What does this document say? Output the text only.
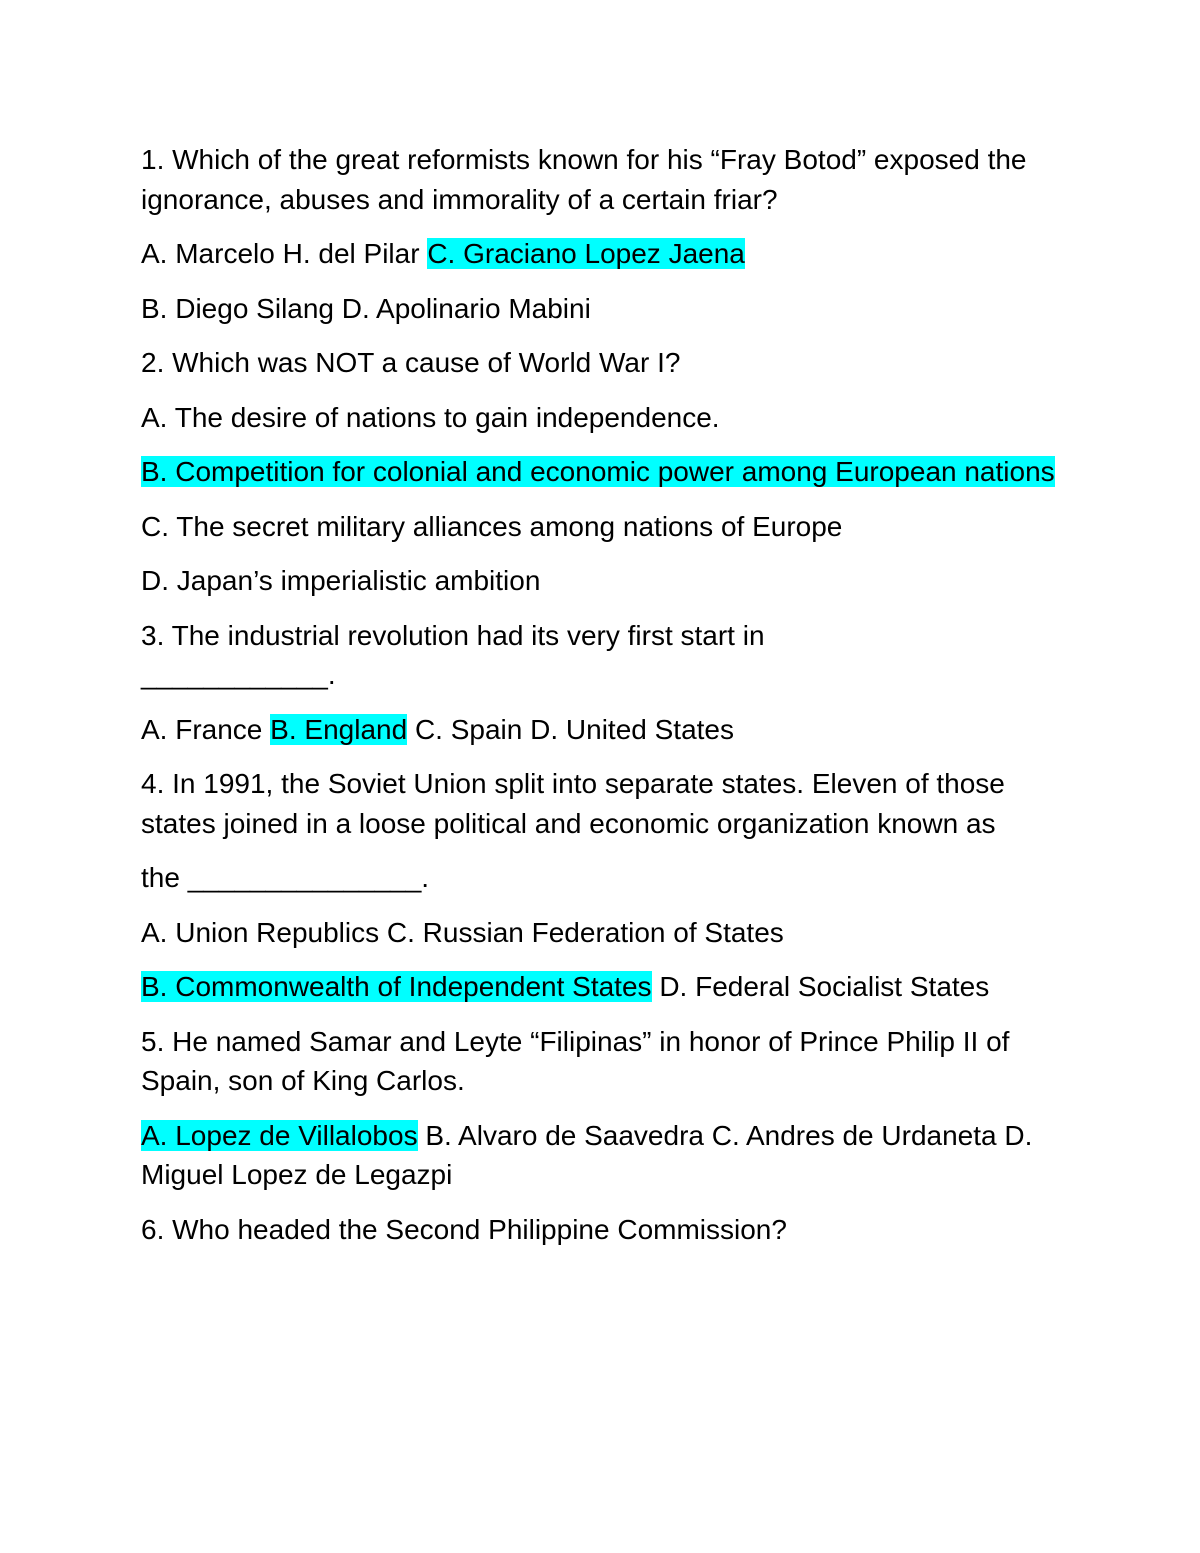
1. Which of the great reformists known for his “Fray Botod” exposed the ignorance, abuses and immorality of a certain friar?

A. Marcelo H. del Pilar C. Graciano Lopez Jaena

B. Diego Silang D. Apolinario Mabini

2. Which was NOT a cause of World War I?

A. The desire of nations to gain independence.

B. Competition for colonial and economic power among European nations

C. The secret military alliances among nations of Europe

D. Japan’s imperialistic ambition

3. The industrial revolution had its very first start in
____________.

A. France B. England C. Spain D. United States

4. In 1991, the Soviet Union split into separate states. Eleven of those states joined in a loose political and economic organization known as

the _______________.

A. Union Republics C. Russian Federation of States

B. Commonwealth of Independent States D. Federal Socialist States

5. He named Samar and Leyte “Filipinas” in honor of Prince Philip II of Spain, son of King Carlos.

A. Lopez de Villalobos B. Alvaro de Saavedra C. Andres de Urdaneta D. Miguel Lopez de Legazpi

6. Who headed the Second Philippine Commission?
